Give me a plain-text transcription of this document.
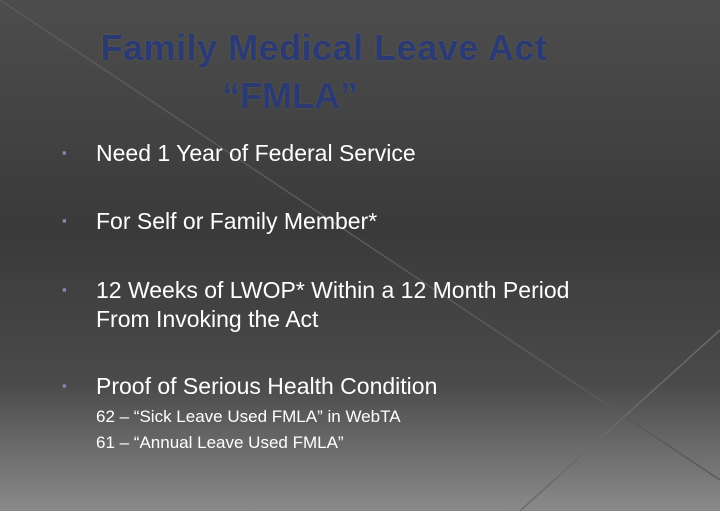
Family Medical Leave Act
“FMLA”
▪	Need 1 Year of Federal Service
▪	For Self or Family Member*
▪	12 Weeks of LWOP* Within a 12 Month Period
From Invoking the Act
▪	Proof of Serious Health Condition
62 – “Sick Leave Used FMLA” in WebTA
61 – “Annual Leave Used FMLA”
